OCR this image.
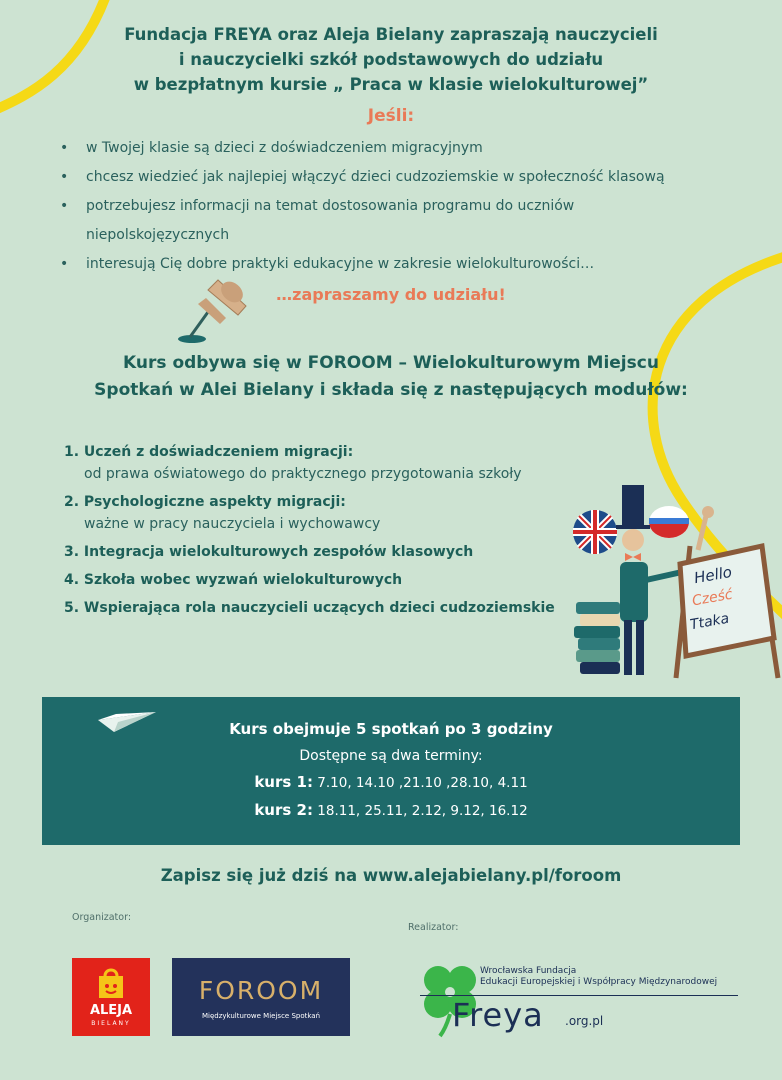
Fundacja FREYA oraz Aleja Bielany zapraszają nauczycieli
i nauczycielki szkół podstawowych do udziału
w bezpłatnym kursie „ Praca w klasie wielokulturowej”
Jeśli:
• w Twojej klasie są dzieci z doświadczeniem migracyjnym
• chcesz wiedzieć jak najlepiej włączyć dzieci cudzoziemskie w społeczność klasową
• potrzebujesz informacji na temat dostosowania programu do uczniów niepolskojęzycznych
• interesują Cię dobre praktyki edukacyjne w zakresie wielokulturowości…
…zapraszamy do udziału!
Kurs odbywa się w FOROOM – Wielokulturowym Miejscu
Spotkań w Alei Bielany i składa się z następujących modułów:
1. Uczeń z doświadczeniem migracji:
od prawa oświatowego do praktycznego przygotowania szkoły
2. Psychologiczne aspekty migracji:
ważne w pracy nauczyciela i wychowawcy
3. Integracja wielokulturowych zespołów klasowych
4. Szkoła wobec wyzwań wielokulturowych
5. Wspierająca rola nauczycieli uczących dzieci cudzoziemskie
Hello
Cześć
Ttaka
Kurs obejmuje 5 spotkań po 3 godziny
Dostępne są dwa terminy:
kurs 1: 7.10, 14.10 ,21.10 ,28.10, 4.11
kurs 2: 18.11, 25.11, 2.12, 9.12, 16.12
Zapisz się już dziś na www.alejabielany.pl/foroom
Organizator:
Realizator:
ALEJA
BIELANY
FOROOM
Międzykulturowe Miejsce Spotkań
Wrocławska Fundacja
Edukacji Europejskiej i Współpracy Międzynarodowej
Freya .org.pl
